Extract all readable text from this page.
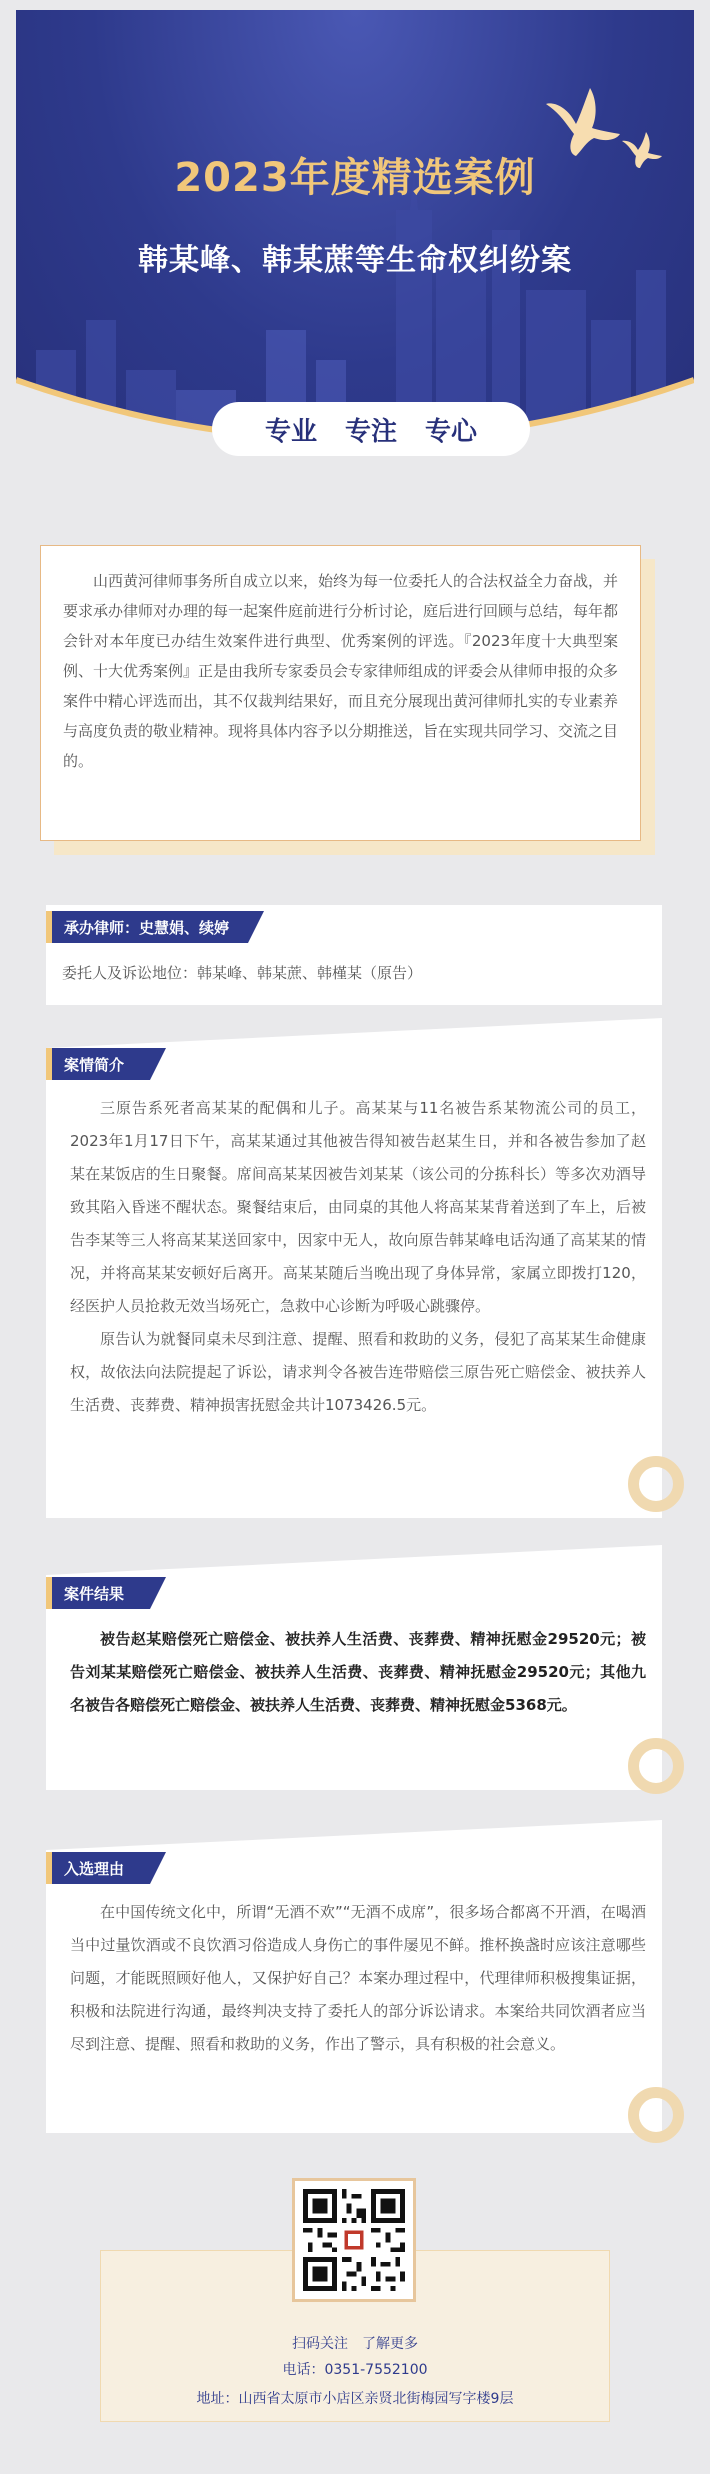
2023年度精选案例
韩某峰、韩某蔗等生命权纠纷案
专业 专注 专心

山西黄河律师事务所自成立以来，始终为每一位委托人的合法权益全力奋战，并要求承办律师对办理的每一起案件庭前进行分析讨论，庭后进行回顾与总结，每年都会针对本年度已办结生效案件进行典型、优秀案例的评选。『2023年度十大典型案例、十大优秀案例』正是由我所专家委员会专家律师组成的评委会从律师申报的众多案件中精心评选而出，其不仅裁判结果好，而且充分展现出黄河律师扎实的专业素养与高度负责的敬业精神。现将具体内容予以分期推送，旨在实现共同学习、交流之目的。

承办律师：史慧娟、续婷

委托人及诉讼地位：韩某峰、韩某蔗、韩槿某（原告）

案情简介

三原告系死者高某某的配偶和儿子。高某某与11名被告系某物流公司的员工，2023年1月17日下午，高某某通过其他被告得知被告赵某生日，并和各被告参加了赵某在某饭店的生日聚餐。席间高某某因被告刘某某（该公司的分拣科长）等多次劝酒导致其陷入昏迷不醒状态。聚餐结束后，由同桌的其他人将高某某背着送到了车上，后被告李某等三人将高某某送回家中，因家中无人，故向原告韩某峰电话沟通了高某某的情况，并将高某某安顿好后离开。高某某随后当晚出现了身体异常，家属立即拨打120，经医护人员抢救无效当场死亡，急救中心诊断为呼吸心跳骤停。

原告认为就餐同桌未尽到注意、提醒、照看和救助的义务，侵犯了高某某生命健康权，故依法向法院提起了诉讼，请求判令各被告连带赔偿三原告死亡赔偿金、被扶养人生活费、丧葬费、精神损害抚慰金共计1073426.5元。

案件结果

被告赵某赔偿死亡赔偿金、被扶养人生活费、丧葬费、精神抚慰金29520元；被告刘某某赔偿死亡赔偿金、被扶养人生活费、丧葬费、精神抚慰金29520元；其他九名被告各赔偿死亡赔偿金、被扶养人生活费、丧葬费、精神抚慰金5368元。

入选理由

在中国传统文化中，所谓“无酒不欢”“无酒不成席”，很多场合都离不开酒，在喝酒当中过量饮酒或不良饮酒习俗造成人身伤亡的事件屡见不鲜。推杯换盏时应该注意哪些问题，才能既照顾好他人，又保护好自己？本案办理过程中，代理律师积极搜集证据，积极和法院进行沟通，最终判决支持了委托人的部分诉讼请求。本案给共同饮酒者应当尽到注意、提醒、照看和救助的义务，作出了警示，具有积极的社会意义。

扫码关注　了解更多
电话：0351-7552100
地址：山西省太原市小店区亲贤北街梅园写字楼9层
